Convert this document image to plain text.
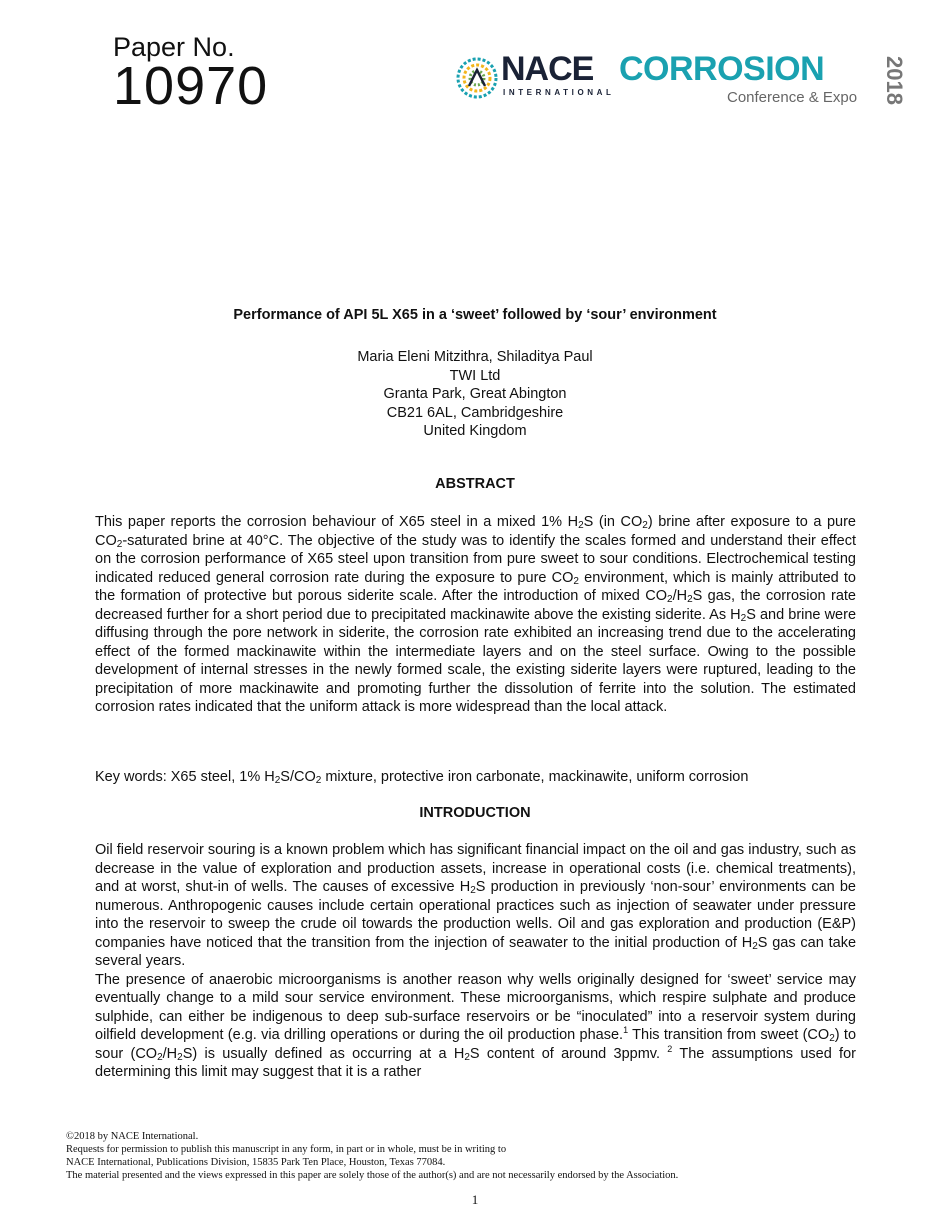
Paper No.
10970	NACE
INTERNATIONAL
CORROSION
Conference & Expo 2018
Performance of API 5L X65 in a ‘sweet’ followed by ‘sour’ environment
Maria Eleni Mitzithra, Shiladitya Paul
TWI Ltd
Granta Park, Great Abington
CB21 6AL, Cambridgeshire
United Kingdom
ABSTRACT
This paper reports the corrosion behaviour of X65 steel in a mixed 1% $H_2S$ (in $CO_2$) brine after exposure to a pure $CO_2$-saturated brine at 40°C. The objective of the study was to identify the scales formed and understand their effect on the corrosion performance of X65 steel upon transition from pure sweet to sour conditions. Electrochemical testing indicated reduced general corrosion rate during the exposure to pure $CO_2$ environment, which is mainly attributed to the formation of protective but porous siderite scale. After the introduction of mixed $CO_2/H_2S$ gas, the corrosion rate decreased further for a short period due to precipitated mackinawite above the existing siderite. As $H_2S$ and brine were diffusing through the pore network in siderite, the corrosion rate exhibited an increasing trend due to the accelerating effect of the formed mackinawite within the intermediate layers and on the steel surface. Owing to the possible development of internal stresses in the newly formed scale, the existing siderite layers were ruptured, leading to the precipitation of more mackinawite and promoting further the dissolution of ferrite into the solution. The estimated corrosion rates indicated that the uniform attack is more widespread than the local attack.
Key words: X65 steel, 1% $H_2S/CO_2$ mixture, protective iron carbonate, mackinawite, uniform corrosion
INTRODUCTION
Oil field reservoir souring is a known problem which has significant financial impact on the oil and gas industry, such as decrease in the value of exploration and production assets, increase in operational costs (i.e. chemical treatments), and at worst, shut-in of wells. The causes of excessive $H_2S$ production in previously ‘non-sour’ environments can be numerous. Anthropogenic causes include certain operational practices such as injection of seawater under pressure into the reservoir to sweep the crude oil towards the production wells. Oil and gas exploration and production (E&P) companies have noticed that the transition from the injection of seawater to the initial production of $H_2S$ gas can take several years.
The presence of anaerobic microorganisms is another reason why wells originally designed for ‘sweet’ service may eventually change to a mild sour service environment. These microorganisms, which respire sulphate and produce sulphide, can either be indigenous to deep sub-surface reservoirs or be “inoculated” into a reservoir system during oilfield development (e.g. via drilling operations or during the oil production phase.$^1$ This transition from sweet $(CO_2)$ to sour $(CO_2/H_2S)$ is usually defined as occurring at a $H_2S$ content of around 3ppmv. $^2$ The assumptions used for determining this limit may suggest that it is a rather
©2018 by NACE International.
Requests for permission to publish this manuscript in any form, in part or in whole, must be in writing to
NACE International, Publications Division, 15835 Park Ten Place, Houston, Texas 77084.
The material presented and the views expressed in this paper are solely those of the author(s) and are not necessarily endorsed by the Association.
1
